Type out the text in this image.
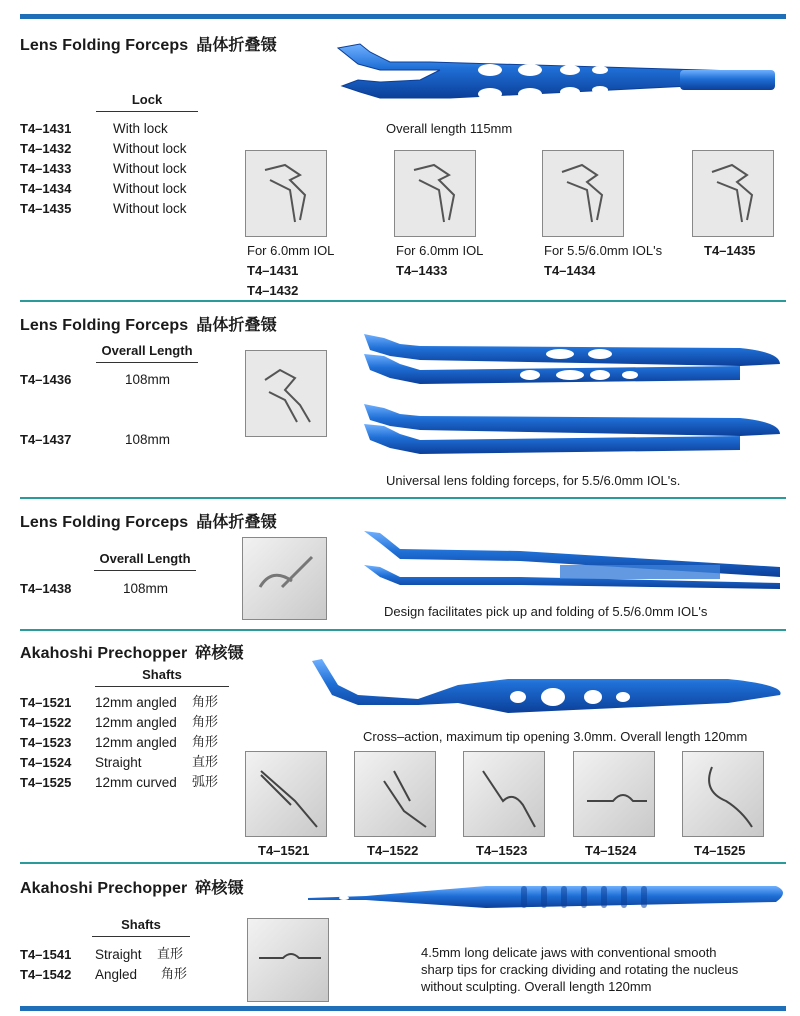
Lens Folding Forceps 晶体折叠镊
Lock
T4–1431	With lock
T4–1432	Without lock
T4–1433	Without lock
T4–1434	Without lock
T4–1435	Without lock
Overall length 115mm
For 6.0mm IOL
T4–1431
T4–1432
For 6.0mm IOL
T4–1433
For 5.5/6.0mm IOL's
T4–1434
T4–1435
Lens Folding Forceps 晶体折叠镊
Overall Length
T4–1436	108mm
T4–1437	108mm
Universal lens folding forceps, for 5.5/6.0mm IOL's.
Lens Folding Forceps 晶体折叠镊
Overall Length
T4–1438	108mm
Design facilitates pick up and folding of 5.5/6.0mm IOL's
Akahoshi Prechopper 碎核镊
Shafts
T4–1521 12mm angled 角形
T4–1522 12mm angled 角形
T4–1523 12mm angled 角形
T4–1524 Straight	直形
T4–1525 12mm curved 弧形
Cross–action, maximum tip opening 3.0mm. Overall length 120mm
T4–1521	T4–1522	T4–1523	T4–1524	T4–1525
Akahoshi Prechopper 碎核镊
Shafts
T4–1541 Straight 直形
T4–1542 Angled 角形
4.5mm long delicate jaws with conventional smooth
sharp tips for cracking dividing and rotating the nucleus
without sculpting. Overall length 120mm
